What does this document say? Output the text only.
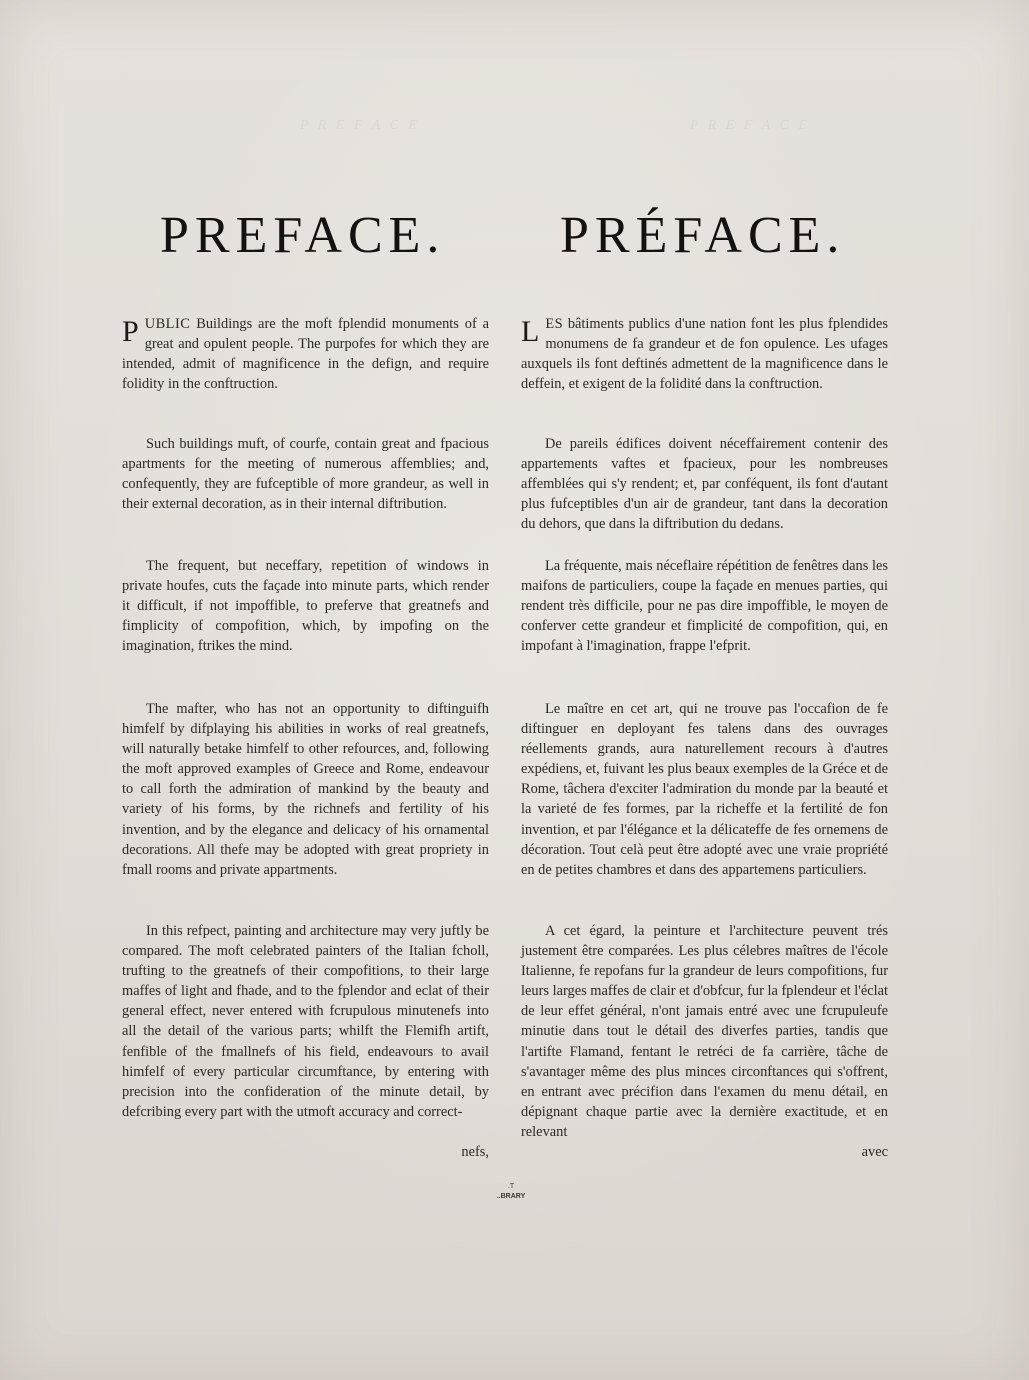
P R E F A C E	P R E F A C E
PREFACE.
PUBLIC Buildings are the moft fplendid monuments of a great and opulent people. The purpofes for which they are intended, admit of magnificence in the defign, and require folidity in the conftruction.

Such buildings muft, of courfe, contain great and fpacious apartments for the meeting of numerous affemblies; and, confequently, they are fufceptible of more grandeur, as well in their external decoration, as in their internal diftribution.

The frequent, but neceffary, repetition of windows in private houfes, cuts the façade into minute parts, which render it difficult, if not impoffible, to preferve that greatnefs and fimplicity of compofition, which, by impofing on the imagination, ftrikes the mind.

The mafter, who has not an opportunity to diftinguifh himfelf by difplaying his abilities in works of real greatnefs, will naturally betake himfelf to other refources, and, following the moft approved examples of Greece and Rome, endeavour to call forth the admiration of mankind by the beauty and variety of his forms, by the richnefs and fertility of his invention, and by the elegance and delicacy of his ornamental decorations. All thefe may be adopted with great propriety in fmall rooms and private appartments.

In this refpect, painting and architecture may very juftly be compared. The moft celebrated painters of the Italian fcholl, trufting to the greatnefs of their compofitions, to their large maffes of light and fhade, and to the fplendor and eclat of their general effect, never entered with fcrupulous minutenefs into all the detail of the various parts; whilft the Flemifh artift, fenfible of the fmallnefs of his field, endeavours to avail himfelf of every particular circumftance, by entering with precision into the confideration of the minute detail, by defcribing every part with the utmoft accuracy and correct-

nefs,

PRÉFACE.
LES bâtiments publics d'une nation font les plus fplendides monumens de fa grandeur et de fon opulence. Les ufages auxquels ils font deftinés admettent de la magnificence dans le deffein, et exigent de la folidité dans la conftruction.

De pareils édifices doivent néceffairement contenir des appartements vaftes et fpacieux, pour les nombreuses affemblées qui s'y rendent; et, par conféquent, ils font d'autant plus fufceptibles d'un air de grandeur, tant dans la decoration du dehors, que dans la diftribution du dedans.

La fréquente, mais néceflaire répétition de fenêtres dans les maifons de particuliers, coupe la façade en menues parties, qui rendent très difficile, pour ne pas dire impoffible, le moyen de conferver cette grandeur et fimplicité de compofition, qui, en impofant à l'imagination, frappe l'efprit.

Le maître en cet art, qui ne trouve pas l'occafion de fe diftinguer en deployant fes talens dans des ouvrages réellements grands, aura naturellement recours à d'autres expédiens, et, fuivant les plus beaux exemples de la Gréce et de Rome, tâchera d'exciter l'admiration du monde par la beauté et la varieté de fes formes, par la richeffe et la fertilité de fon invention, et par l'élégance et la délicateffe de fes ornemens de décoration. Tout celà peut être adopté avec une vraie propriété en de petites chambres et dans des appartemens particuliers.

A cet égard, la peinture et l'architecture peuvent trés justement être comparées. Les plus célebres maîtres de l'école Italienne, fe repofans fur la grandeur de leurs compofitions, fur leurs larges maffes de clair et d'obfcur, fur la fplendeur et l'éclat de leur effet général, n'ont jamais entré avec une fcrupuleufe minutie dans tout le détail des diverfes parties, tandis que l'artifte Flamand, fentant le retréci de fa carrière, tâche de s'avantager même des plus minces circonftances qui s'offrent, en entrant avec précifion dans l'examen du menu détail, en dépignant chaque partie avec la dernière exactitude, et en relevant

avec

.T
..BRARY
